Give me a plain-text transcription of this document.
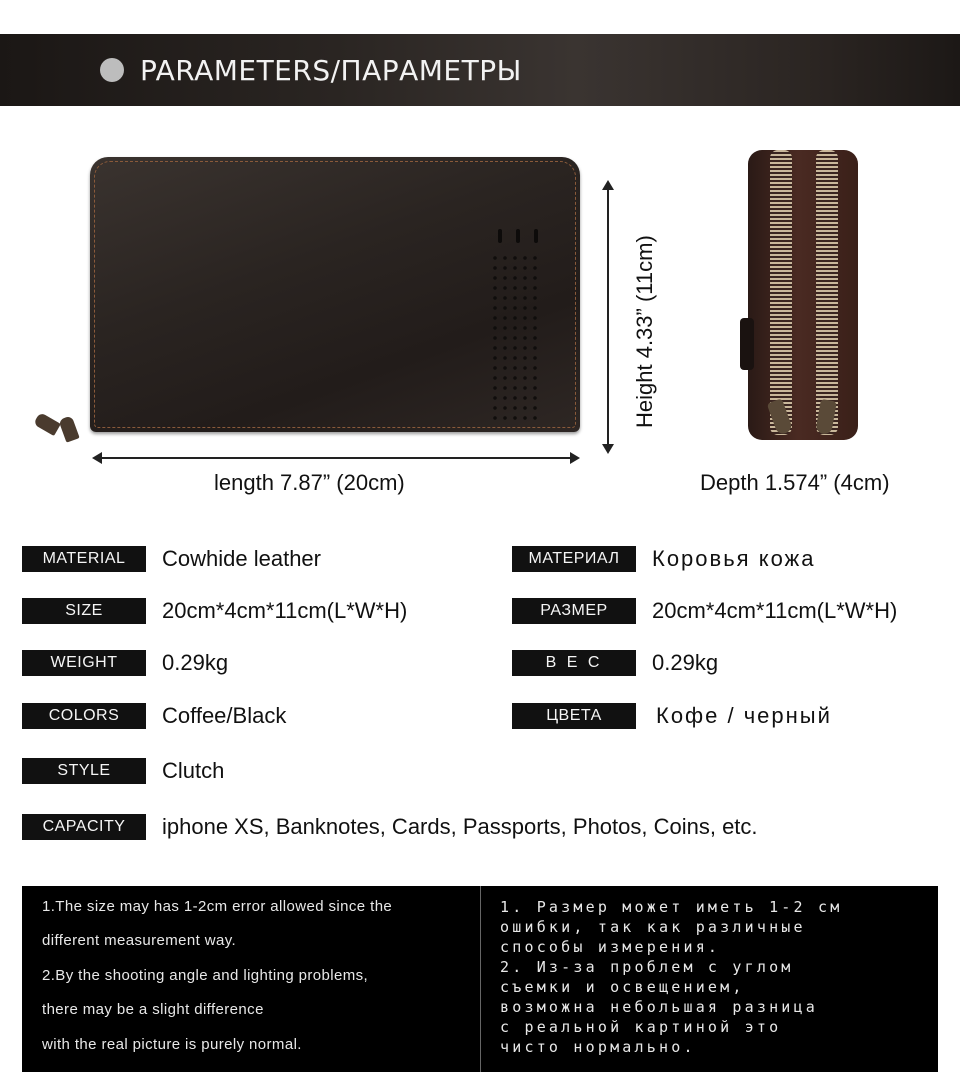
PARAMETERS/ПАРАМЕТРЫ
length 7.87” (20cm)
Height 4.33” (11cm)
Depth 1.574” (4cm)
MATERIAL	Cowhide leather
SIZE	20cm*4cm*11cm(L*W*H)
WEIGHT	0.29kg
COLORS	Coffee/Black
STYLE	Clutch
CAPACITY	iphone XS, Banknotes, Cards, Passports, Photos, Coins, etc.
МАТЕРИАЛ	Коровья кожа
РАЗМЕР	20cm*4cm*11cm(L*W*H)
В Е С	0.29kg
ЦВЕТА	Кофе / черный
1.The size may has 1-2cm error allowed since the
different measurement way.
2.By the shooting angle and lighting problems,
there may be a slight difference
with the real picture is purely normal.
1. Размер может иметь 1-2 см
ошибки, так как различные
способы измерения.
2. Из-за проблем с углом
съемки и освещением,
возможна небольшая разница
с реальной картиной это
чисто нормально.
